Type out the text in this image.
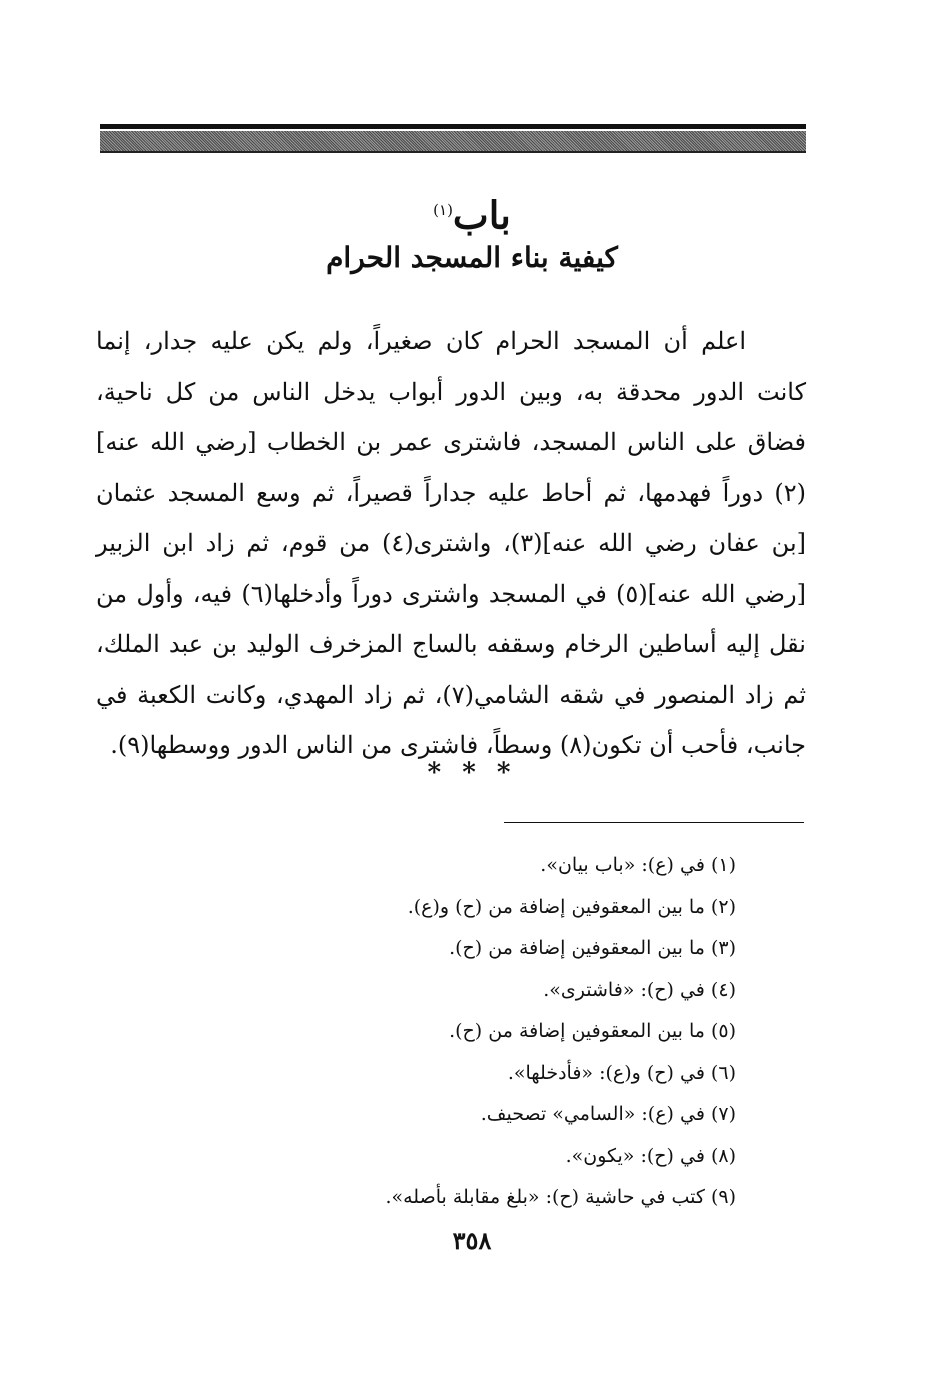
باب$^{(١)}$
كيفية بناء المسجد الحرام

اعلم أن المسجد الحرام كان صغيراً، ولم يكن عليه جدار، إنما كانت الدور محدقة به، وبين الدور أبواب يدخل الناس من كل ناحية، فضاق على الناس المسجد، فاشترى عمر بن الخطاب [رضي الله عنه](٢) دوراً فهدمها، ثم أحاط عليه جداراً قصيراً، ثم وسع المسجد عثمان [بن عفان رضي الله عنه](٣)، واشترى(٤) من قوم، ثم زاد ابن الزبير [رضي الله عنه](٥) في المسجد واشترى دوراً وأدخلها(٦) فيه، وأول من نقل إليه أساطين الرخام وسقفه بالساج المزخرف الوليد بن عبد الملك، ثم زاد المنصور في شقه الشامي(٧)، ثم زاد المهدي، وكانت الكعبة في جانب، فأحب أن تكون(٨) وسطاً، فاشترى من الناس الدور ووسطها(٩).

* * *
(١) في (ع): «باب بيان».
(٢) ما بين المعقوفين إضافة من (ح) و(ع).
(٣) ما بين المعقوفين إضافة من (ح).
(٤) في (ح): «فاشترى».
(٥) ما بين المعقوفين إضافة من (ح).
(٦) في (ح) و(ع): «فأدخلها».
(٧) في (ع): «السامي» تصحيف.
(٨) في (ح): «يكون».
(٩) كتب في حاشية (ح): «بلغ مقابلة بأصله».
٣٥٨
